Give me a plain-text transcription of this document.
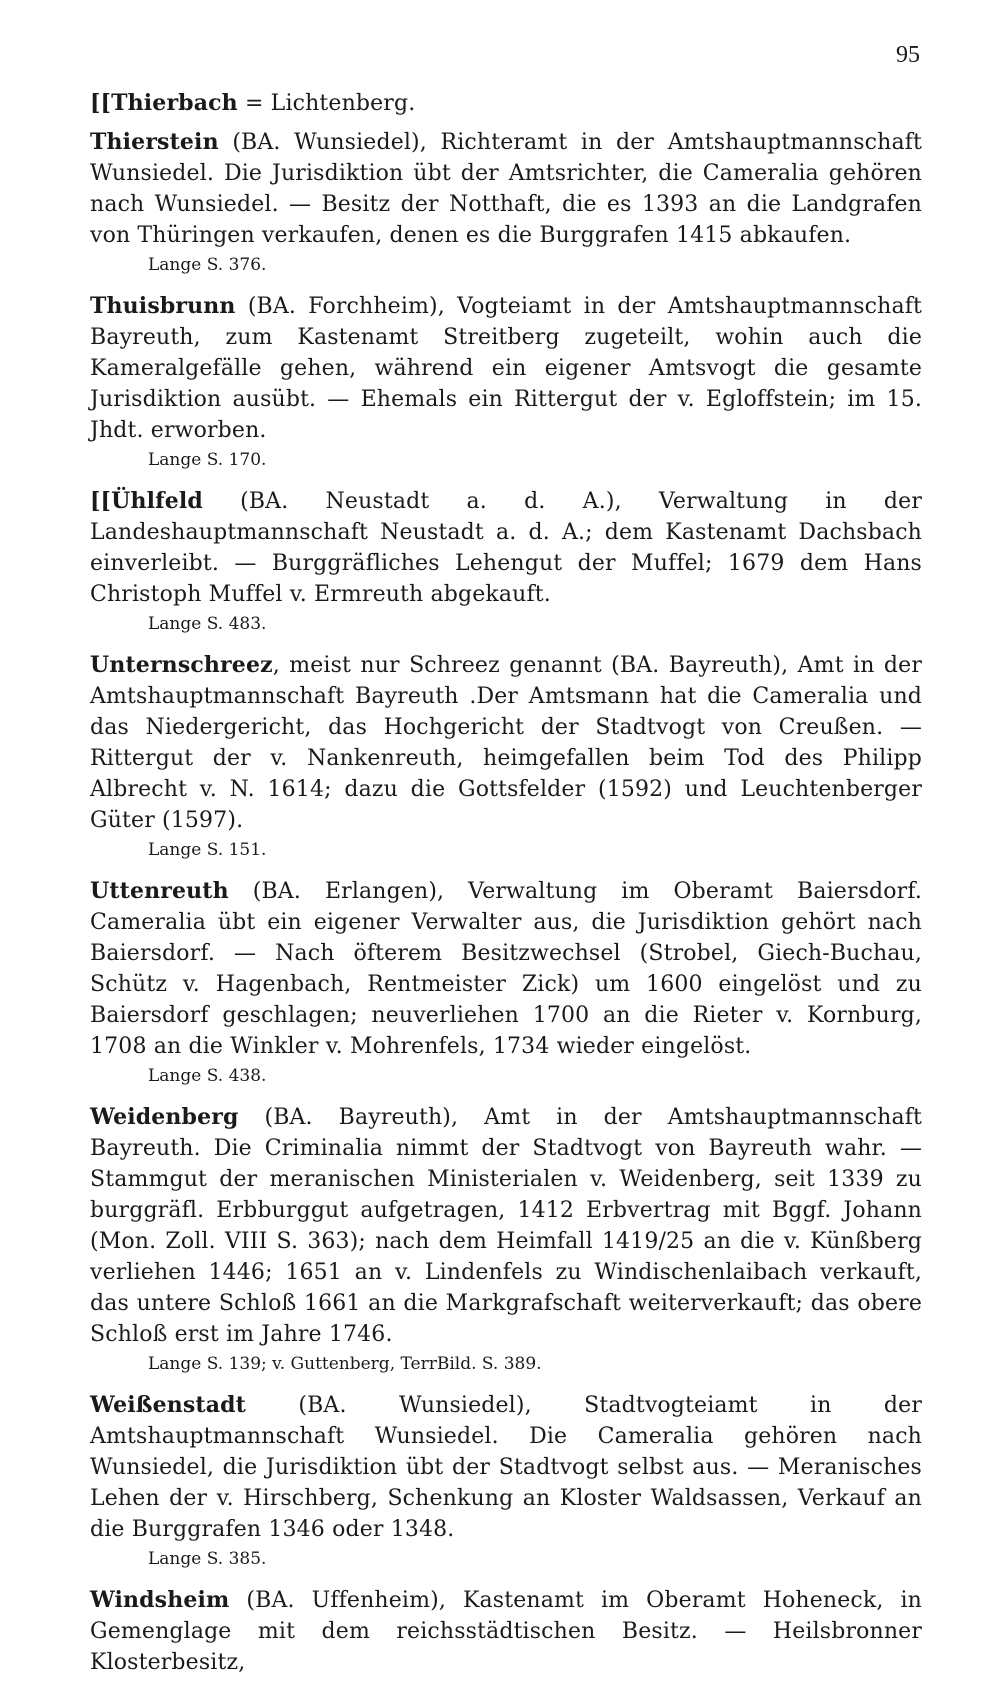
95

[[Thierbach = Lichtenberg.

Thierstein (BA. Wunsiedel), Richteramt in der Amtshauptmannschaft Wunsiedel. Die Jurisdiktion übt der Amtsrichter, die Cameralia gehören nach Wunsiedel. — Besitz der Notthaft, die es 1393 an die Landgrafen von Thüringen verkaufen, denen es die Burggrafen 1415 abkaufen.

Lange S. 376.

Thuisbrunn (BA. Forchheim), Vogteiamt in der Amtshauptmannschaft Bayreuth, zum Kastenamt Streitberg zugeteilt, wohin auch die Kameralgefälle gehen, während ein eigener Amtsvogt die gesamte Jurisdiktion ausübt. — Ehemals ein Rittergut der v. Egloffstein; im 15. Jhdt. erworben.

Lange S. 170.

[[Ühlfeld (BA. Neustadt a. d. A.), Verwaltung in der Landeshauptmannschaft Neustadt a. d. A.; dem Kastenamt Dachsbach einverleibt. — Burggräfliches Lehengut der Muffel; 1679 dem Hans Christoph Muffel v. Ermreuth abgekauft.

Lange S. 483.

Unternschreez, meist nur Schreez genannt (BA. Bayreuth), Amt in der Amtshauptmannschaft Bayreuth .Der Amtsmann hat die Cameralia und das Niedergericht, das Hochgericht der Stadtvogt von Creußen. — Rittergut der v. Nankenreuth, heimgefallen beim Tod des Philipp Albrecht v. N. 1614; dazu die Gottsfelder (1592) und Leuchtenberger Güter (1597).

Lange S. 151.

Uttenreuth (BA. Erlangen), Verwaltung im Oberamt Baiersdorf. Cameralia übt ein eigener Verwalter aus, die Jurisdiktion gehört nach Baiersdorf. — Nach öfterem Besitzwechsel (Strobel, Giech-Buchau, Schütz v. Hagenbach, Rentmeister Zick) um 1600 eingelöst und zu Baiersdorf geschlagen; neuverliehen 1700 an die Rieter v. Kornburg, 1708 an die Winkler v. Mohrenfels, 1734 wieder eingelöst.

Lange S. 438.

Weidenberg (BA. Bayreuth), Amt in der Amtshauptmannschaft Bayreuth. Die Criminalia nimmt der Stadtvogt von Bayreuth wahr. — Stammgut der meranischen Ministerialen v. Weidenberg, seit 1339 zu burggräfl. Erbburggut aufgetragen, 1412 Erbvertrag mit Bggf. Johann (Mon. Zoll. VIII S. 363); nach dem Heimfall 1419/25 an die v. Künßberg verliehen 1446; 1651 an v. Lindenfels zu Windischenlaibach verkauft, das untere Schloß 1661 an die Markgrafschaft weiterverkauft; das obere Schloß erst im Jahre 1746.

Lange S. 139; v. Guttenberg, TerrBild. S. 389.

Weißenstadt (BA. Wunsiedel), Stadtvogteiamt in der Amtshauptmannschaft Wunsiedel. Die Cameralia gehören nach Wunsiedel, die Jurisdiktion übt der Stadtvogt selbst aus. — Meranisches Lehen der v. Hirschberg, Schenkung an Kloster Waldsassen, Verkauf an die Burggrafen 1346 oder 1348.

Lange S. 385.

Windsheim (BA. Uffenheim), Kastenamt im Oberamt Hoheneck, in Gemenglage mit dem reichsstädtischen Besitz. — Heilsbronner Klosterbesitz,
